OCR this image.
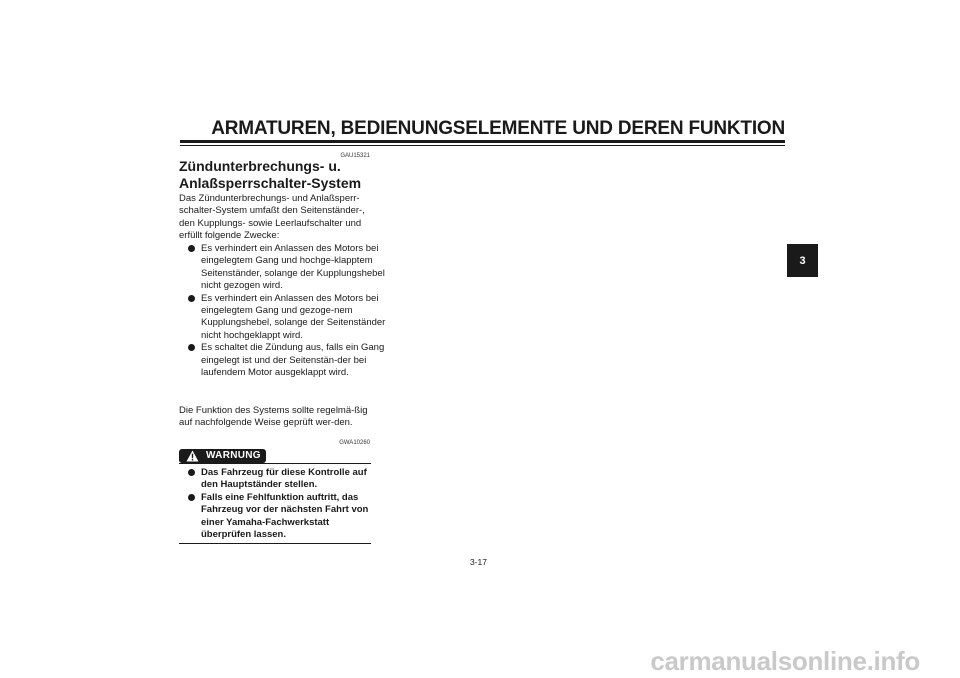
ARMATUREN, BEDIENUNGSELEMENTE UND DEREN FUNKTION
GAU15321
Zündunterbrechungs- u.
Anlaßsperrschalter-System
Das Zündunterbrechungs- und Anlaßsperr-schalter-System umfaßt den Seitenständer-, den Kupplungs- sowie Leerlaufschalter und erfüllt folgende Zwecke:
Es verhindert ein Anlassen des Motors bei eingelegtem Gang und hochge-klapptem Seitenständer, solange der Kupplungshebel nicht gezogen wird.
Es verhindert ein Anlassen des Motors bei eingelegtem Gang und gezoge-nem Kupplungshebel, solange der Seitenständer nicht hochgeklappt wird.
Es schaltet die Zündung aus, falls ein Gang eingelegt ist und der Seitenstän-der bei laufendem Motor ausgeklappt wird.
Die Funktion des Systems sollte regelmä-ßig auf nachfolgende Weise geprüft wer-den.
GWA10260
WARNUNG
Das Fahrzeug für diese Kontrolle auf den Hauptständer stellen.
Falls eine Fehlfunktion auftritt, das Fahrzeug vor der nächsten Fahrt von einer Yamaha-Fachwerkstatt überprüfen lassen.
3-17
3
carmanualsonline.info
